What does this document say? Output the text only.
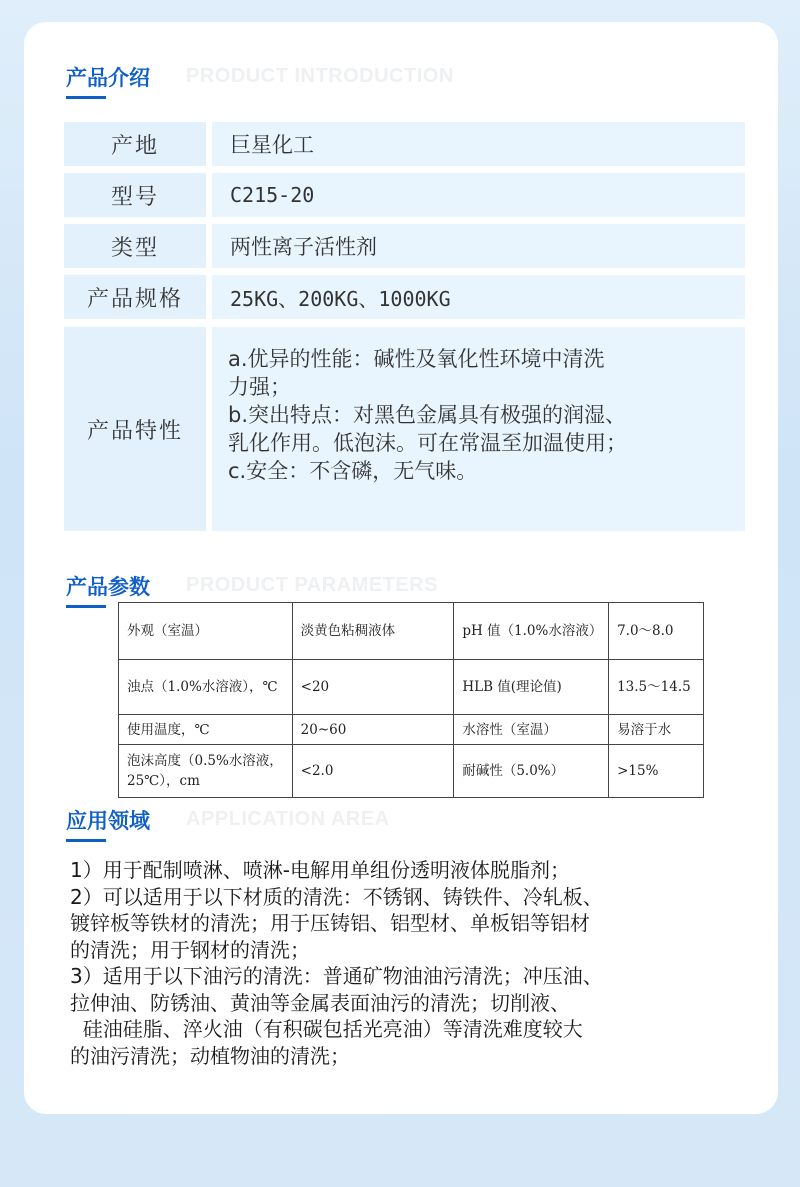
产品介绍 PRODUCT INTRODUCTION
产地	巨星化工
型号	C215-20
类型	两性离子活性剂
产品规格	25KG、200KG、1000KG
产品特性
a.优异的性能：碱性及氧化性环境中清洗
力强；
b.突出特点：对黑色金属具有极强的润湿、
乳化作用。低泡沫。可在常温至加温使用；
c.安全：不含磷，无气味。
产品参数 PRODUCT PARAMETERS
外观（室温）	淡黄色粘稠液体	pH 值（1.0%水溶液）	7.0～8.0
浊点（1.0%水溶液），℃	<20	HLB 值(理论值)	13.5～14.5
使用温度，℃	20~60	水溶性（室温）	易溶于水
泡沫高度（0.5%水溶液，25℃），cm	<2.0	耐碱性（5.0%）	>15%
应用领域 APPLICATION AREA
1）用于配制喷淋、喷淋-电解用单组份透明液体脱脂剂；
2）可以适用于以下材质的清洗：不锈钢、铸铁件、冷轧板、
镀锌板等铁材的清洗；用于压铸铝、铝型材、单板铝等铝材
的清洗；用于钢材的清洗；
3）适用于以下油污的清洗：普通矿物油油污清洗；冲压油、
拉伸油、防锈油、黄油等金属表面油污的清洗；切削液、
硅油硅脂、淬火油（有积碳包括光亮油）等清洗难度较大
的油污清洗；动植物油的清洗；
